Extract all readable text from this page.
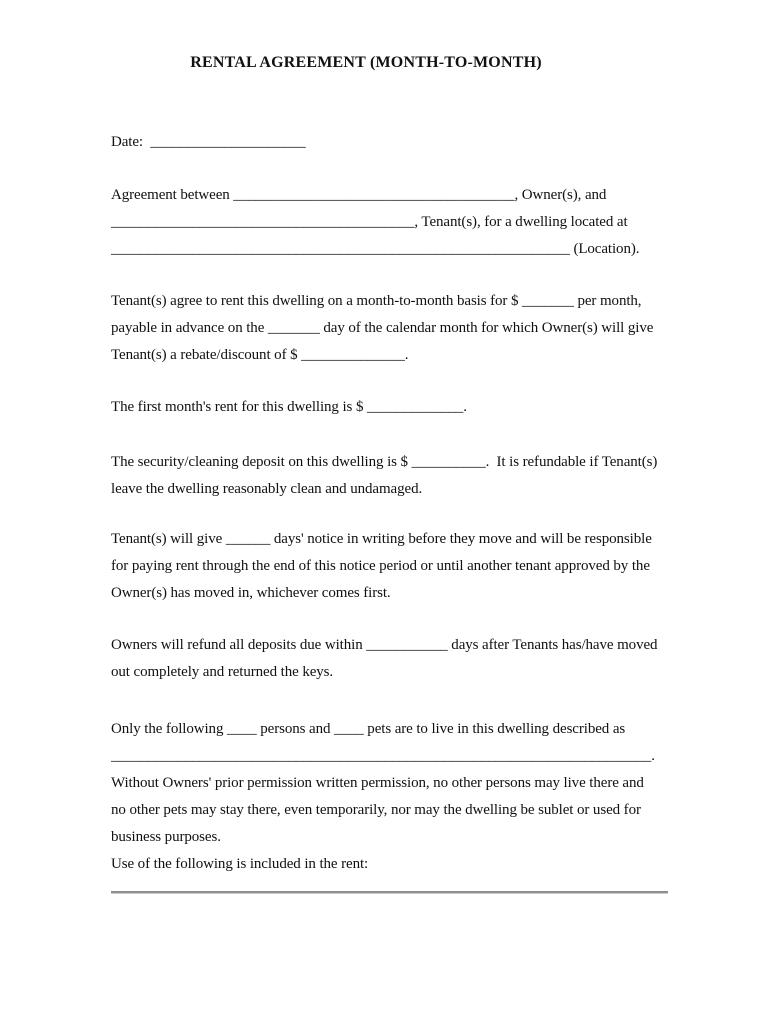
RENTAL AGREEMENT (MONTH-TO-MONTH)
Date:  _____________________
Agreement between ______________________________________, Owner(s), and
_________________________________________, Tenant(s), for a dwelling located at
______________________________________________________________ (Location).
Tenant(s) agree to rent this dwelling on a month-to-month basis for $ _______ per month,
payable in advance on the _______ day of the calendar month for which Owner(s) will give
Tenant(s) a rebate/discount of $ ______________.
The first month's rent for this dwelling is $ _____________.
The security/cleaning deposit on this dwelling is $ __________.  It is refundable if Tenant(s)
leave the dwelling reasonably clean and undamaged.
Tenant(s) will give ______ days' notice in writing before they move and will be responsible
for paying rent through the end of this notice period or until another tenant approved by the
Owner(s) has moved in, whichever comes first.
Owners will refund all deposits due within ___________ days after Tenants has/have moved
out completely and returned the keys.
Only the following ____ persons and ____ pets are to live in this dwelling described as
_________________________________________________________________________.
Without Owners' prior permission written permission, no other persons may live there and
no other pets may stay there, even temporarily, nor may the dwelling be sublet or used for
business purposes.
Use of the following is included in the rent:
